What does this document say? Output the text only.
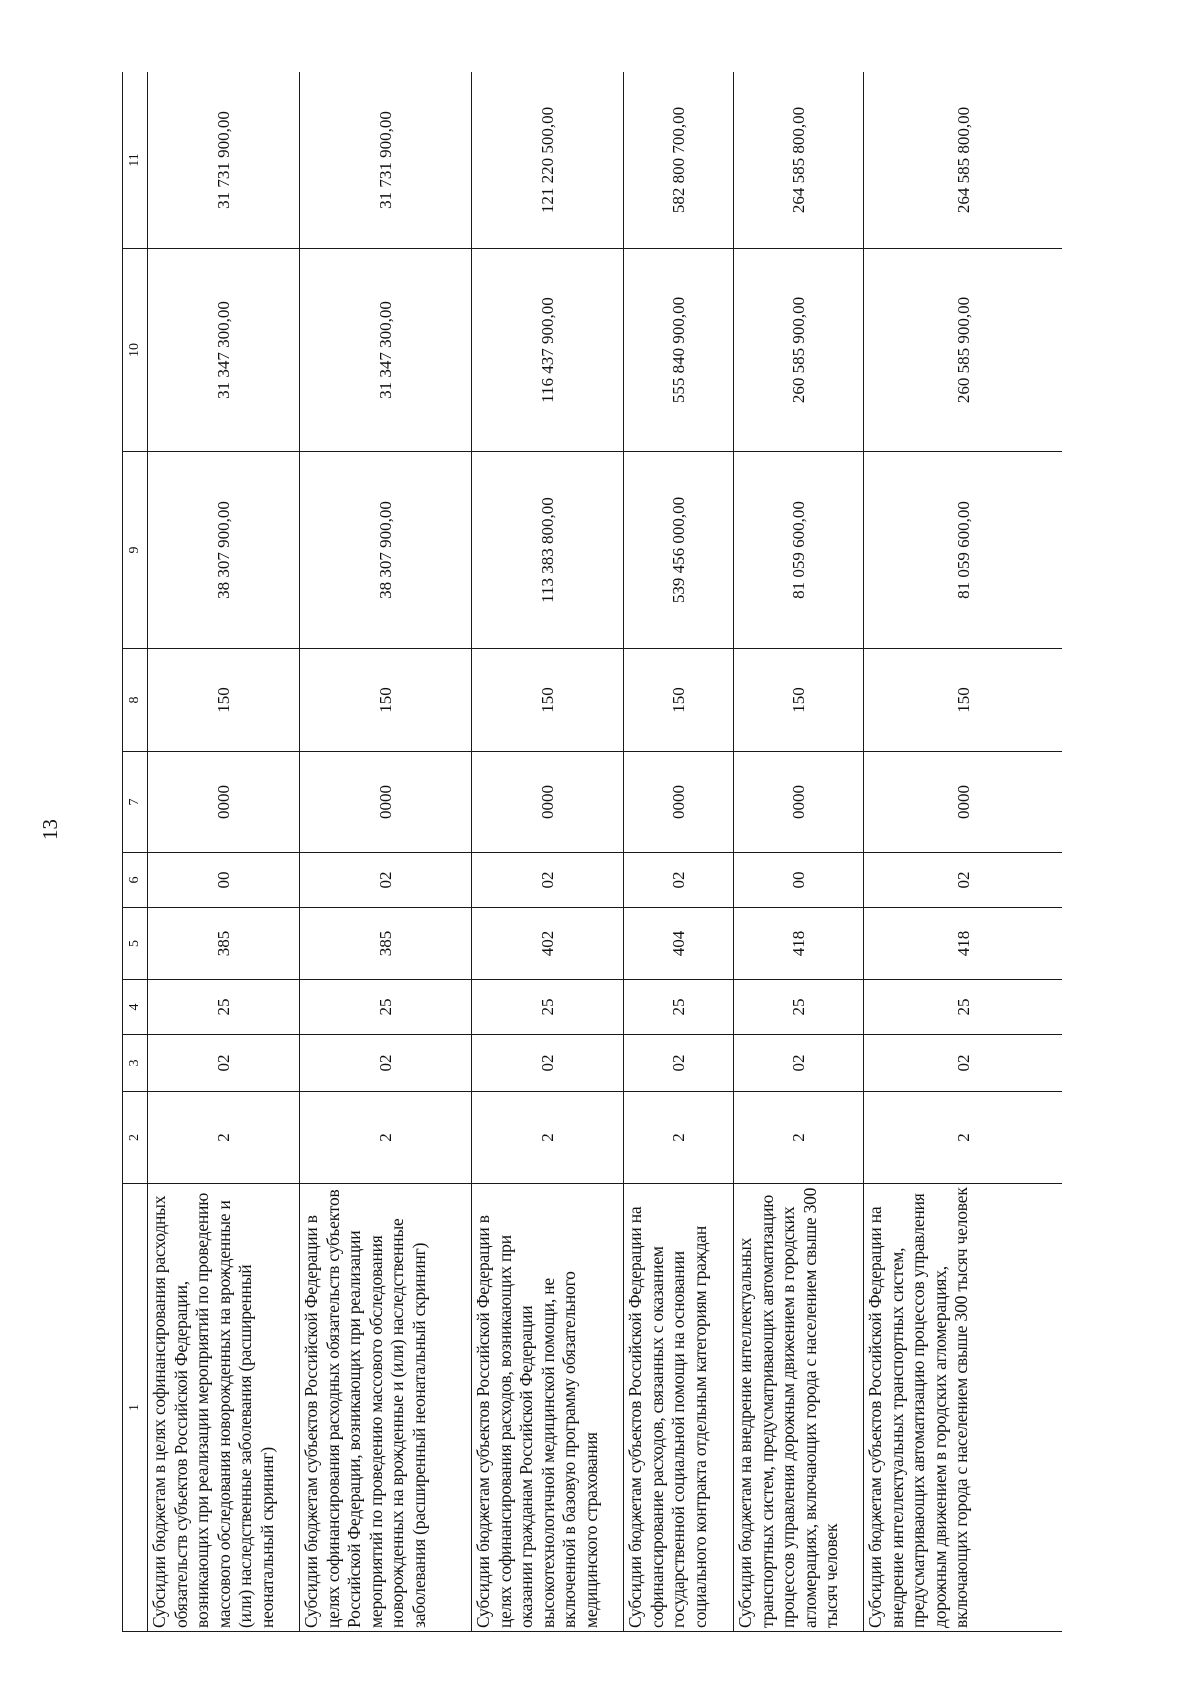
13
1	2	3	4	5	6	7	8	9	10	11
Субсидии бюджетам в целях софинансирования расходных обязательств субъектов Российской Федерации, возникающих при реализации мероприятий по проведению массового обследования новорожденных на врожденные и (или) наследственные заболевания (расширенный неонатальный скрининг)	2	02	25	385	00	0000	150	38 307 900,00	31 347 300,00	31 731 900,00
Субсидии бюджетам субъектов Российской Федерации в целях софинансирования расходных обязательств субъектов Российской Федерации, возникающих при реализации мероприятий по проведению массового обследования новорожденных на врожденные и (или) наследственные заболевания (расширенный неонатальный скрининг)	2	02	25	385	02	0000	150	38 307 900,00	31 347 300,00	31 731 900,00
Субсидии бюджетам субъектов Российской Федерации в целях софинансирования расходов, возникающих при оказании гражданам Российской Федерации высокотехнологичной медицинской помощи, не включенной в базовую программу обязательного медицинского страхования	2	02	25	402	02	0000	150	113 383 800,00	116 437 900,00	121 220 500,00
Субсидии бюджетам субъектов Российской Федерации на софинансирование расходов, связанных с оказанием государственной социальной помощи на основании социального контракта отдельным категориям граждан	2	02	25	404	02	0000	150	539 456 000,00	555 840 900,00	582 800 700,00
Субсидии бюджетам на внедрение интеллектуальных транспортных систем, предусматривающих автоматизацию процессов управления дорожным движением в городских агломерациях, включающих города с населением свыше 300 тысяч человек	2	02	25	418	00	0000	150	81 059 600,00	260 585 900,00	264 585 800,00
Субсидии бюджетам субъектов Российской Федерации на внедрение интеллектуальных транспортных систем, предусматривающих автоматизацию процессов управления дорожным движением в городских агломерациях, включающих города с населением свыше 300 тысяч человек	2	02	25	418	02	0000	150	81 059 600,00	260 585 900,00	264 585 800,00
